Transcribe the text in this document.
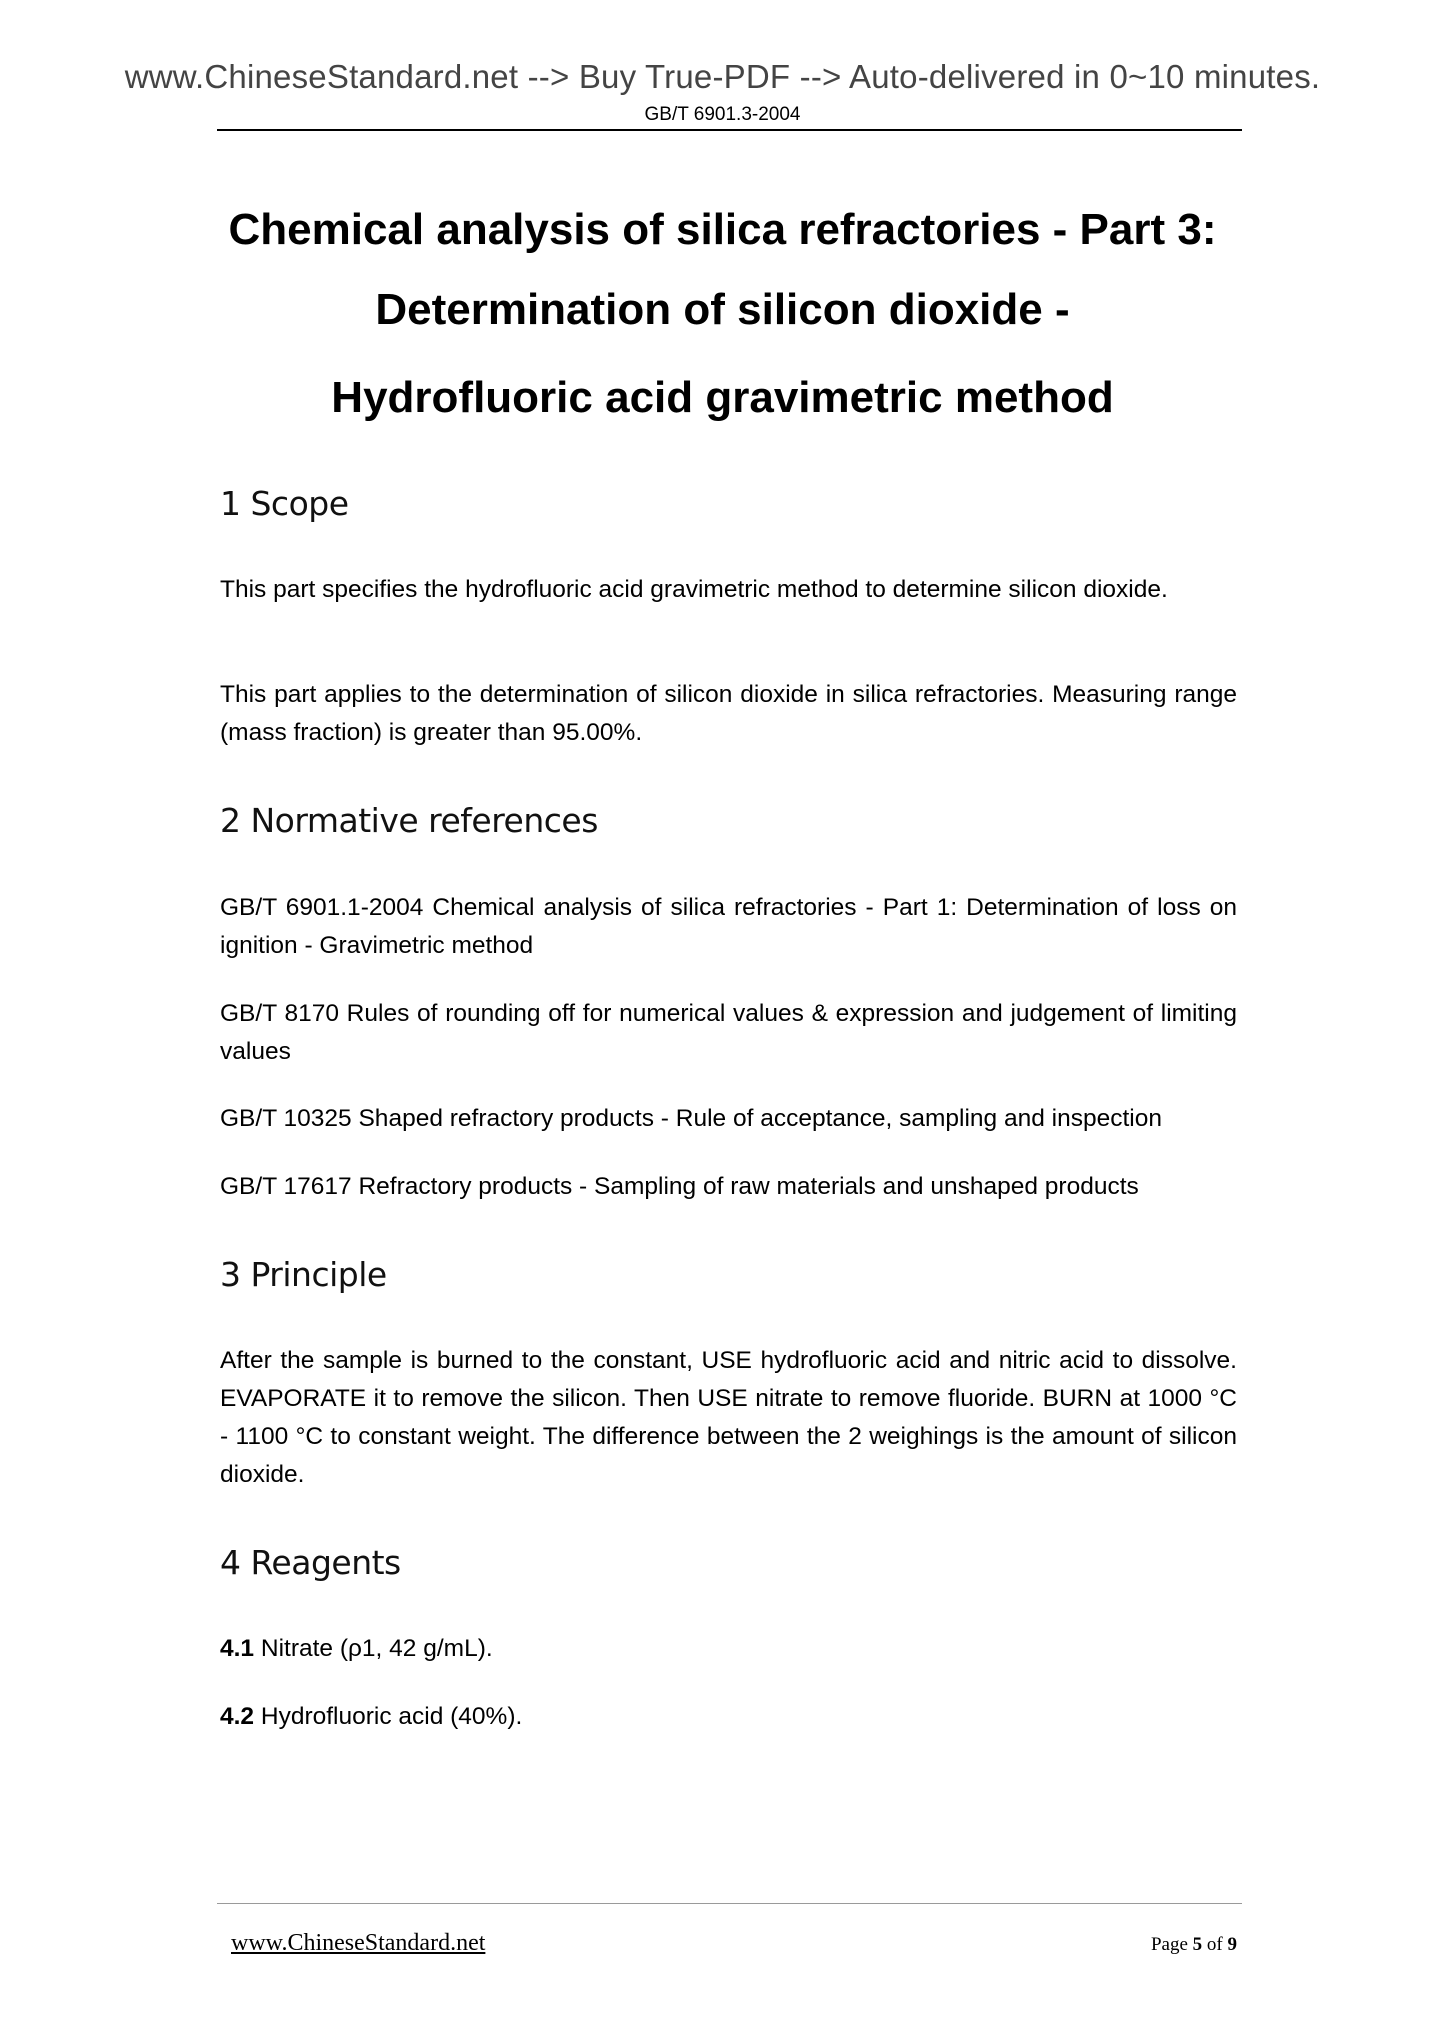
www.ChineseStandard.net --> Buy True-PDF --> Auto-delivered in 0~10 minutes.
GB/T 6901.3-2004
Chemical analysis of silica refractories - Part 3:
Determination of silicon dioxide -
Hydrofluoric acid gravimetric method
1 Scope

This part specifies the hydrofluoric acid gravimetric method to determine silicon dioxide.

This part applies to the determination of silicon dioxide in silica refractories. Measuring range (mass fraction) is greater than 95.00%.

2 Normative references

GB/T 6901.1-2004 Chemical analysis of silica refractories - Part 1: Determination of loss on ignition - Gravimetric method

GB/T 8170 Rules of rounding off for numerical values & expression and judgement of limiting values

GB/T 10325 Shaped refractory products - Rule of acceptance, sampling and inspection

GB/T 17617 Refractory products - Sampling of raw materials and unshaped products

3 Principle

After the sample is burned to the constant, USE hydrofluoric acid and nitric acid to dissolve. EVAPORATE it to remove the silicon. Then USE nitrate to remove fluoride. BURN at 1000 °C - 1100 °C to constant weight. The difference between the 2 weighings is the amount of silicon dioxide.

4 Reagents

4.1 Nitrate (ρ1, 42 g/mL).

4.2 Hydrofluoric acid (40%).

www.ChineseStandard.net	Page 5 of 9
